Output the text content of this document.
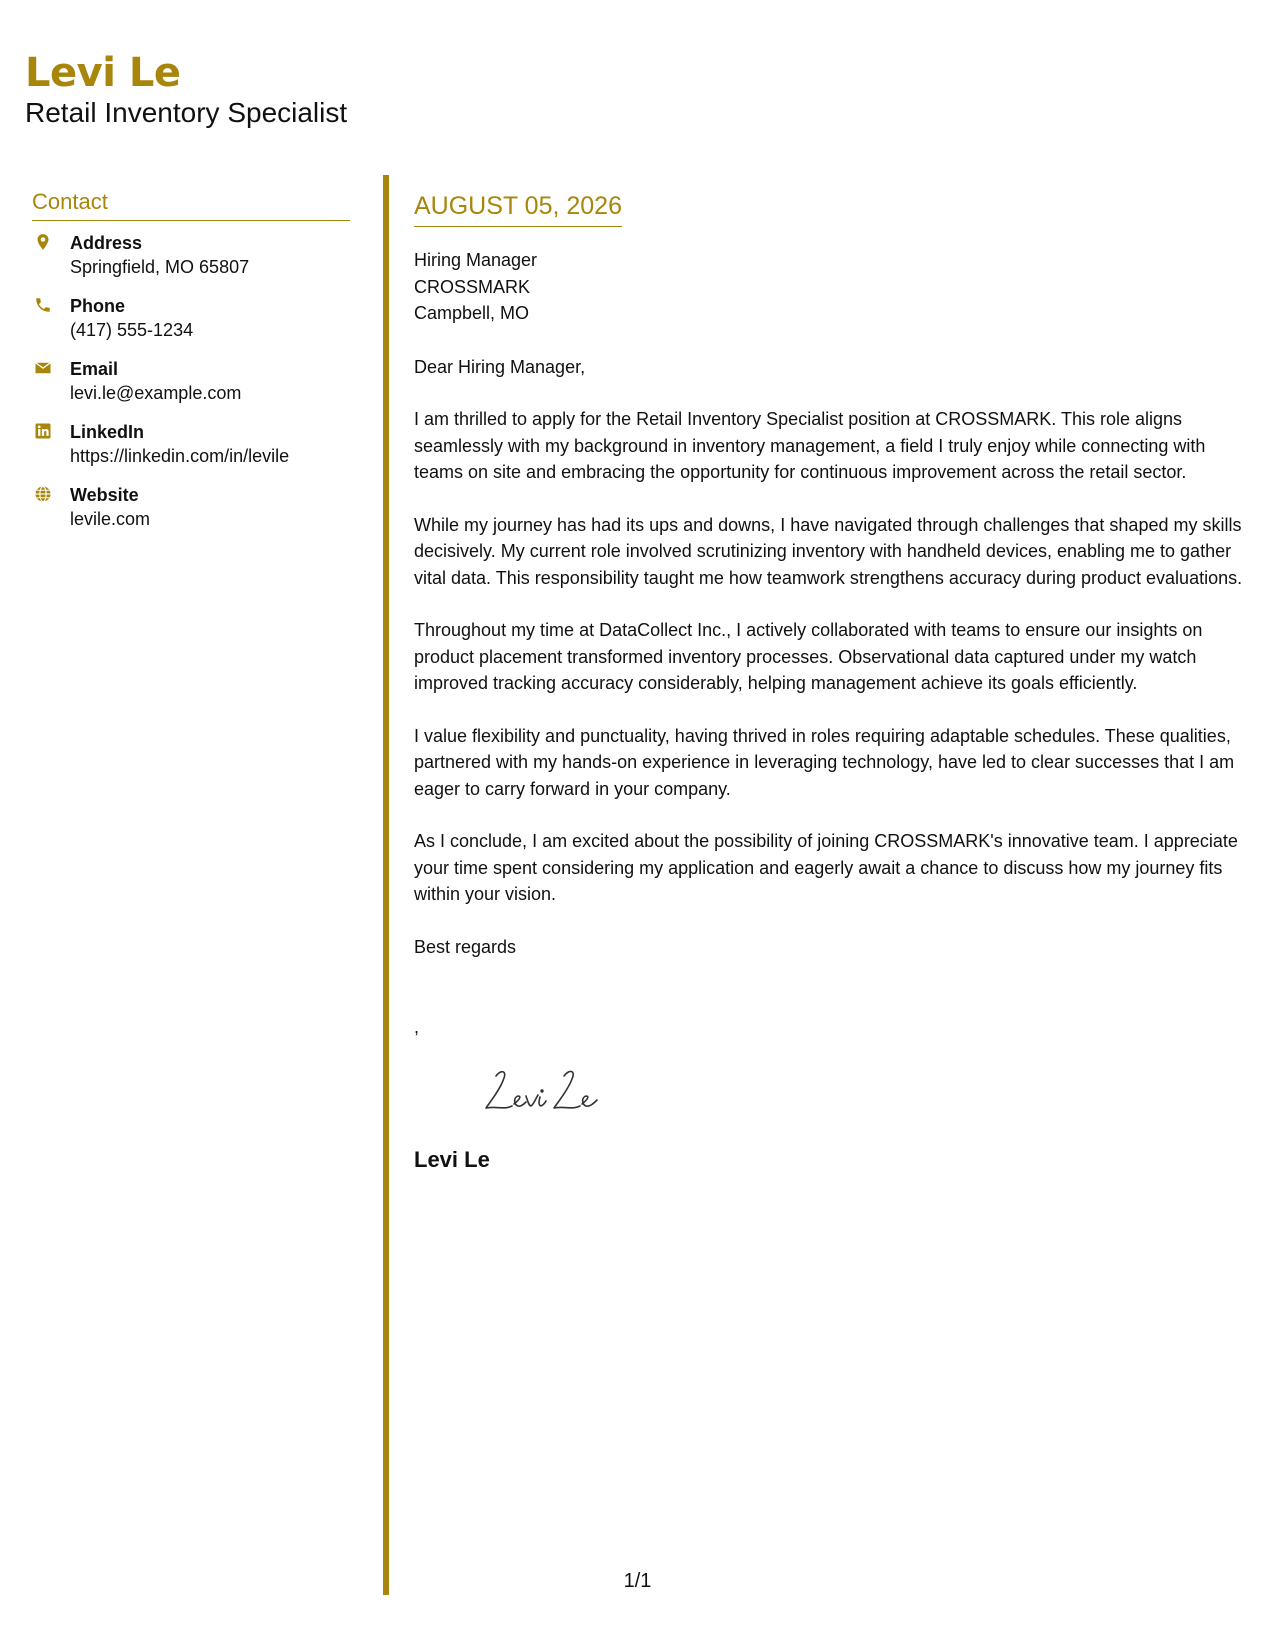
Levi Le
Retail Inventory Specialist
Contact
Address
Springfield, MO 65807
Phone
(417) 555-1234
Email
levi.le@example.com
LinkedIn
https://linkedin.com/in/levile
Website
levile.com
AUGUST 05, 2026
Hiring Manager
CROSSMARK
Campbell, MO
Dear Hiring Manager,
I am thrilled to apply for the Retail Inventory Specialist position at CROSSMARK. This role aligns seamlessly with my background in inventory management, a field I truly enjoy while connecting with teams on site and embracing the opportunity for continuous improvement across the retail sector.
While my journey has had its ups and downs, I have navigated through challenges that shaped my skills decisively. My current role involved scrutinizing inventory with handheld devices, enabling me to gather vital data. This responsibility taught me how teamwork strengthens accuracy during product evaluations.
Throughout my time at DataCollect Inc., I actively collaborated with teams to ensure our insights on product placement transformed inventory processes. Observational data captured under my watch improved tracking accuracy considerably, helping management achieve its goals efficiently.
I value flexibility and punctuality, having thrived in roles requiring adaptable schedules. These qualities, partnered with my hands-on experience in leveraging technology, have led to clear successes that I am eager to carry forward in your company.
As I conclude, I am excited about the possibility of joining CROSSMARK's innovative team. I appreciate your time spent considering my application and eagerly await a chance to discuss how my journey fits within your vision.
Best regards
,
Levi Le
1/1
